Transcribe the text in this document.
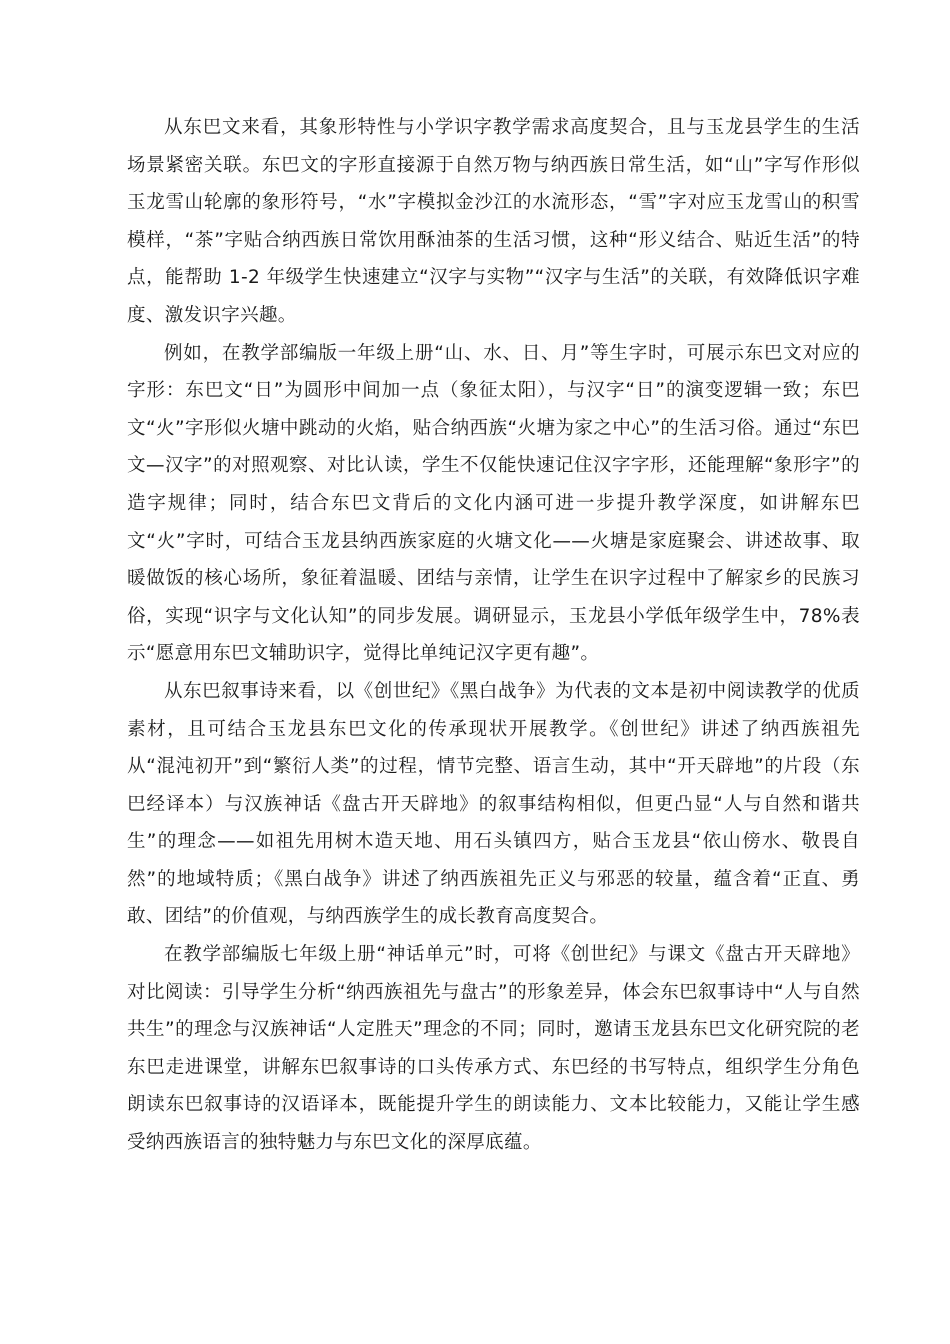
从东巴文来看，其象形特性与小学识字教学需求高度契合，且与玉龙县学生的生活场景紧密关联。东巴文的字形直接源于自然万物与纳西族日常生活，如“山”字写作形似玉龙雪山轮廓的象形符号，“水”字模拟金沙江的水流形态，“雪”字对应玉龙雪山的积雪模样，“茶”字贴合纳西族日常饮用酥油茶的生活习惯，这种“形义结合、贴近生活”的特点，能帮助 1-2 年级学生快速建立“汉字与实物”“汉字与生活”的关联，有效降低识字难度、激发识字兴趣。

例如，在教学部编版一年级上册“山、水、日、月”等生字时，可展示东巴文对应的字形：东巴文“日”为圆形中间加一点（象征太阳），与汉字“日”的演变逻辑一致；东巴文“火”字形似火塘中跳动的火焰，贴合纳西族“火塘为家之中心”的生活习俗。通过“东巴文—汉字”的对照观察、对比认读，学生不仅能快速记住汉字字形，还能理解“象形字”的造字规律；同时，结合东巴文背后的文化内涵可进一步提升教学深度，如讲解东巴文“火”字时，可结合玉龙县纳西族家庭的火塘文化——火塘是家庭聚会、讲述故事、取暖做饭的核心场所，象征着温暖、团结与亲情，让学生在识字过程中了解家乡的民族习俗，实现“识字与文化认知”的同步发展。调研显示，玉龙县小学低年级学生中，78%表示“愿意用东巴文辅助识字，觉得比单纯记汉字更有趣”。

从东巴叙事诗来看，以《创世纪》《黑白战争》为代表的文本是初中阅读教学的优质素材，且可结合玉龙县东巴文化的传承现状开展教学。《创世纪》讲述了纳西族祖先从“混沌初开”到“繁衍人类”的过程，情节完整、语言生动，其中“开天辟地”的片段（东巴经译本）与汉族神话《盘古开天辟地》的叙事结构相似，但更凸显“人与自然和谐共生”的理念——如祖先用树木造天地、用石头镇四方，贴合玉龙县“依山傍水、敬畏自然”的地域特质；《黑白战争》讲述了纳西族祖先正义与邪恶的较量，蕴含着“正直、勇敢、团结”的价值观，与纳西族学生的成长教育高度契合。

在教学部编版七年级上册“神话单元”时，可将《创世纪》与课文《盘古开天辟地》对比阅读：引导学生分析“纳西族祖先与盘古”的形象差异，体会东巴叙事诗中“人与自然共生”的理念与汉族神话“人定胜天”理念的不同；同时，邀请玉龙县东巴文化研究院的老东巴走进课堂，讲解东巴叙事诗的口头传承方式、东巴经的书写特点，组织学生分角色朗读东巴叙事诗的汉语译本，既能提升学生的朗读能力、文本比较能力，又能让学生感受纳西族语言的独特魅力与东巴文化的深厚底蕴。
